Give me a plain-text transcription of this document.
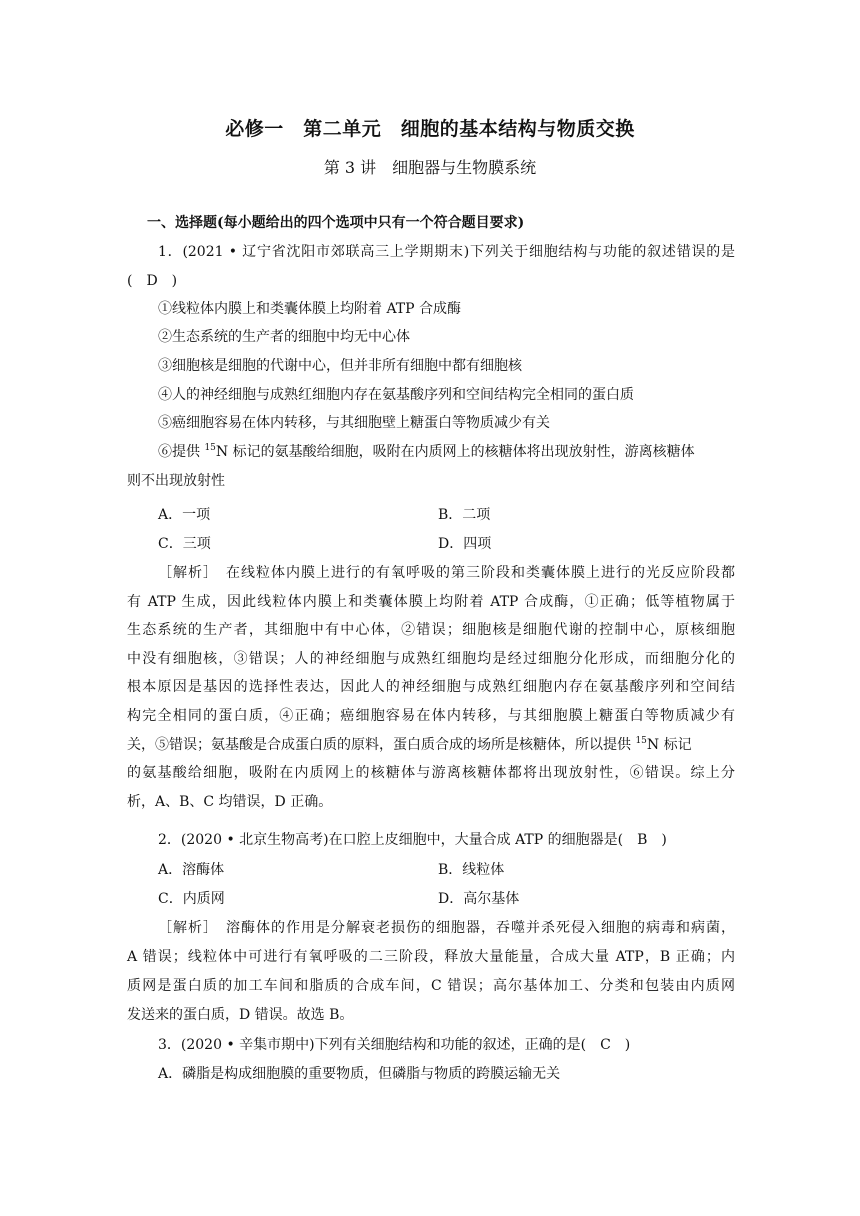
必修一　第二单元　细胞的基本结构与物质交换
第 3 讲　细胞器与生物膜系统
一、选择题(每小题给出的四个选项中只有一个符合题目要求)
1．(2021 • 辽宁省沈阳市郊联高三上学期期末)下列关于细胞结构与功能的叙述错误的是
(　D　)
①线粒体内膜上和类囊体膜上均附着 ATP 合成酶
②生态系统的生产者的细胞中均无中心体
③细胞核是细胞的代谢中心，但并非所有细胞中都有细胞核
④人的神经细胞与成熟红细胞内存在氨基酸序列和空间结构完全相同的蛋白质
⑤癌细胞容易在体内转移，与其细胞壁上糖蛋白等物质减少有关
⑥提供 $^{15}$N 标记的氨基酸给细胞，吸附在内质网上的核糖体将出现放射性，游离核糖体
则不出现放射性
A．一项	B．二项
C．三项	D．四项
［解析］　在线粒体内膜上进行的有氧呼吸的第三阶段和类囊体膜上进行的光反应阶段都
有 ATP 生成，因此线粒体内膜上和类囊体膜上均附着 ATP 合成酶，①正确；低等植物属于
生态系统的生产者，其细胞中有中心体，②错误；细胞核是细胞代谢的控制中心，原核细胞
中没有细胞核，③错误；人的神经细胞与成熟红细胞均是经过细胞分化形成，而细胞分化的
根本原因是基因的选择性表达，因此人的神经细胞与成熟红细胞内存在氨基酸序列和空间结
构完全相同的蛋白质，④正确；癌细胞容易在体内转移，与其细胞膜上糖蛋白等物质减少有
关，⑤错误；氨基酸是合成蛋白质的原料，蛋白质合成的场所是核糖体，所以提供 $^{15}$N 标记
的氨基酸给细胞，吸附在内质网上的核糖体与游离核糖体都将出现放射性，⑥错误。综上分
析，A、B、C 均错误，D 正确。
2．(2020 • 北京生物高考)在口腔上皮细胞中，大量合成 ATP 的细胞器是(　B　)
A．溶酶体	B．线粒体
C．内质网	D．高尔基体
［解析］　溶酶体的作用是分解衰老损伤的细胞器，吞噬并杀死侵入细胞的病毒和病菌，
A 错误；线粒体中可进行有氧呼吸的二三阶段，释放大量能量，合成大量 ATP，B 正确；内
质网是蛋白质的加工车间和脂质的合成车间，C 错误；高尔基体加工、分类和包装由内质网
发送来的蛋白质，D 错误。故选 B。
3．(2020 • 辛集市期中)下列有关细胞结构和功能的叙述，正确的是(　C　)
A．磷脂是构成细胞膜的重要物质，但磷脂与物质的跨膜运输无关
